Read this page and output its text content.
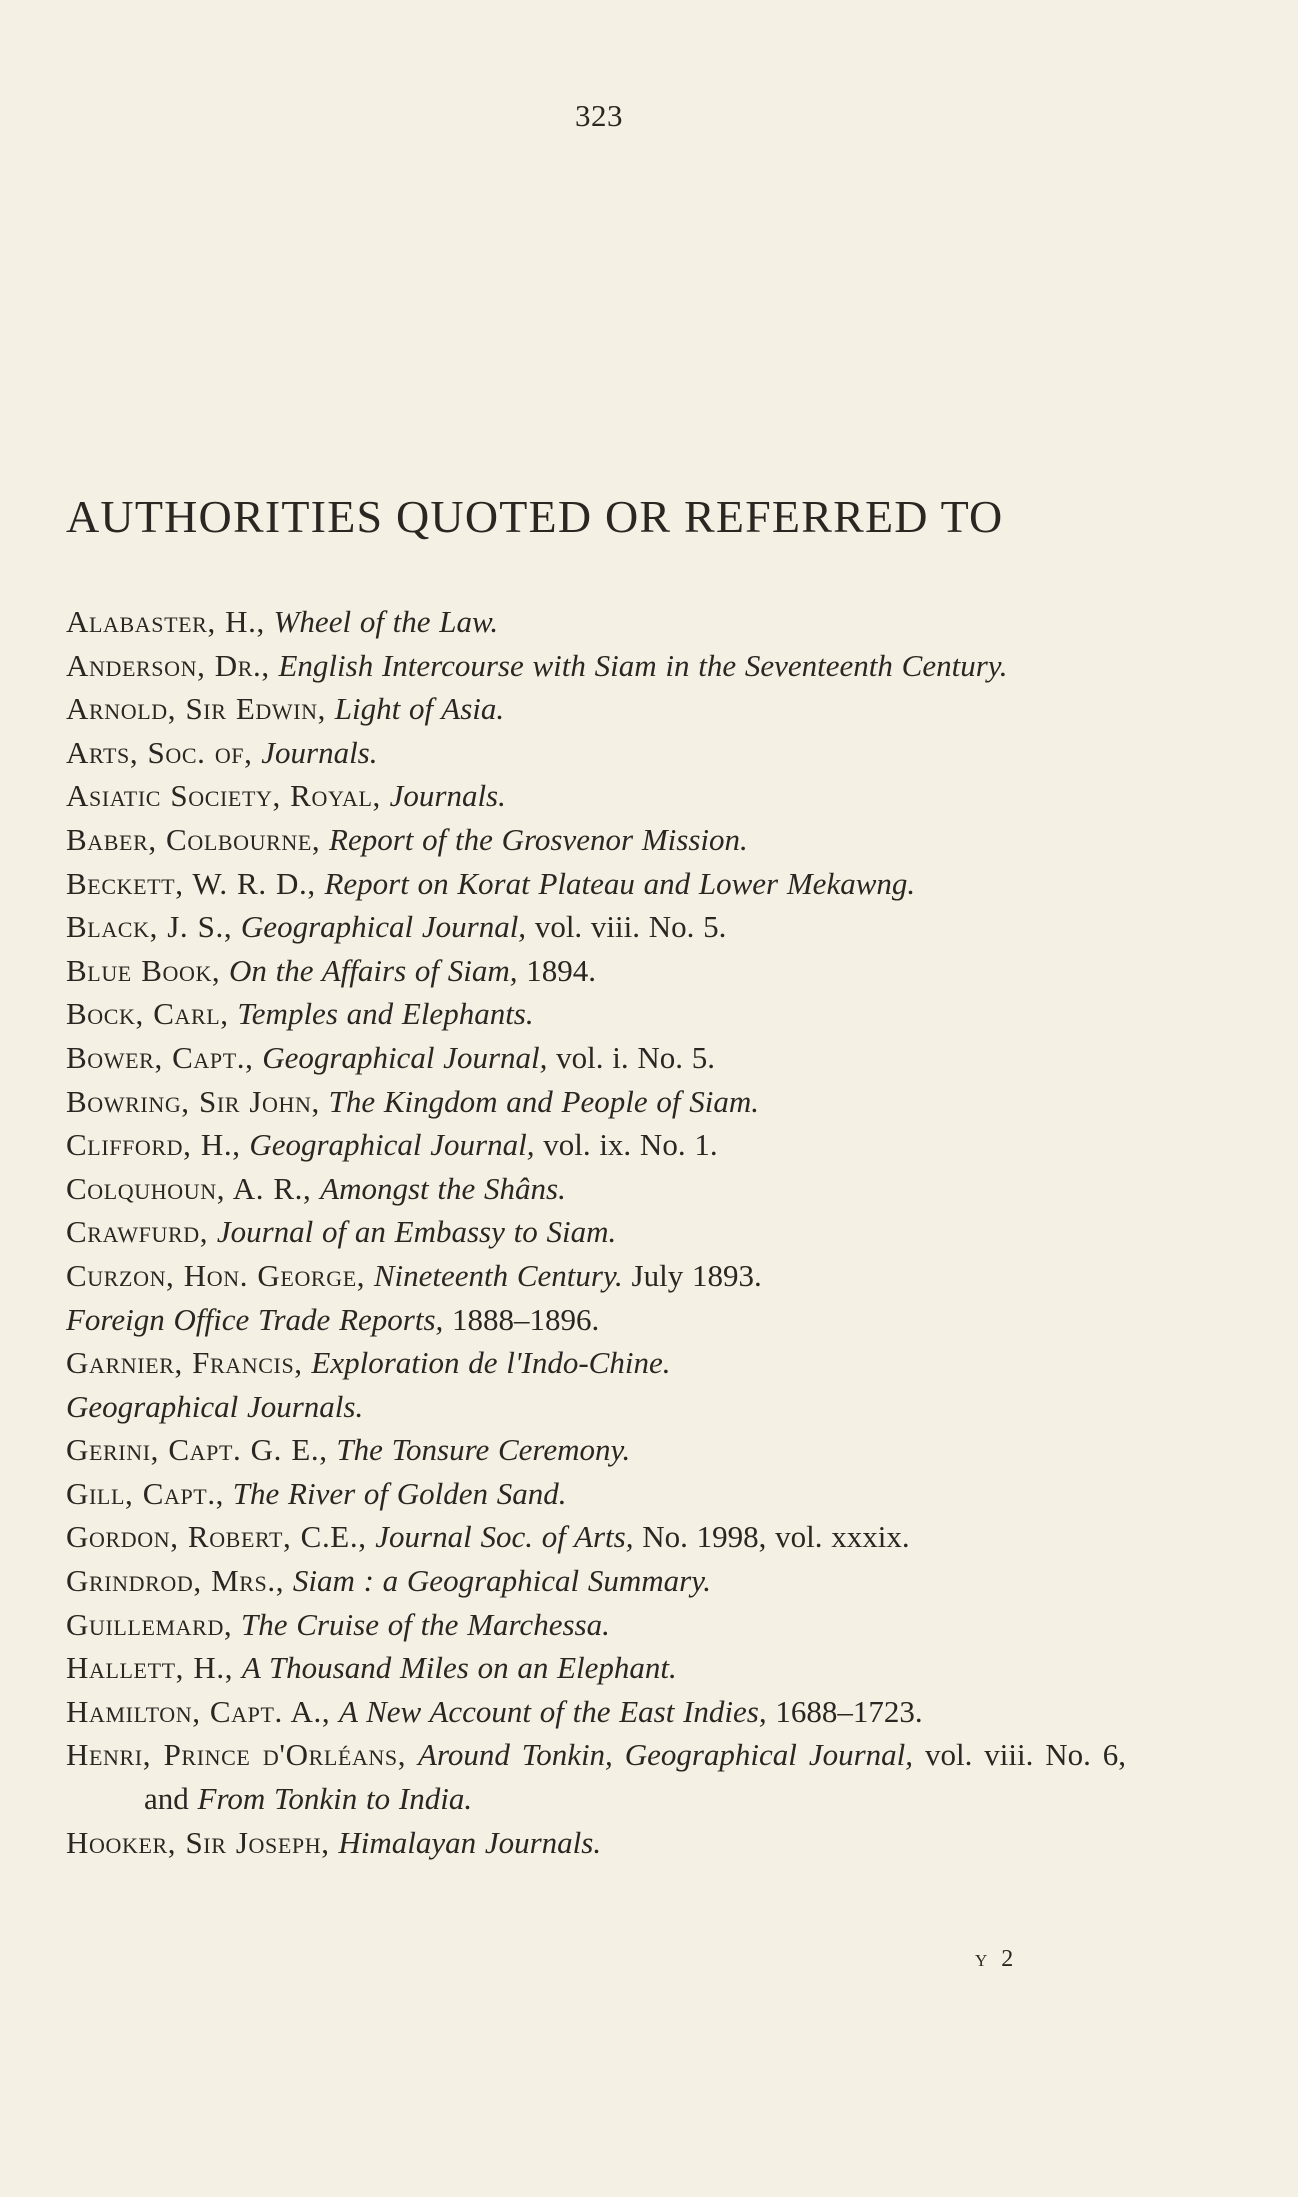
323
AUTHORITIES QUOTED OR REFERRED TO
Alabaster, H., Wheel of the Law.
Anderson, Dr., English Intercourse with Siam in the Seventeenth Century.
Arnold, Sir Edwin, Light of Asia.
Arts, Soc. of, Journals.
Asiatic Society, Royal, Journals.
Baber, Colbourne, Report of the Grosvenor Mission.
Beckett, W. R. D., Report on Korat Plateau and Lower Mekawng.
Black, J. S., Geographical Journal, vol. viii. No. 5.
Blue Book, On the Affairs of Siam, 1894.
Bock, Carl, Temples and Elephants.
Bower, Capt., Geographical Journal, vol. i. No. 5.
Bowring, Sir John, The Kingdom and People of Siam.
Clifford, H., Geographical Journal, vol. ix. No. 1.
Colquhoun, A. R., Amongst the Shâns.
Crawfurd, Journal of an Embassy to Siam.
Curzon, Hon. George, Nineteenth Century. July 1893.
Foreign Office Trade Reports, 1888–1896.
Garnier, Francis, Exploration de l'Indo-Chine.
Geographical Journals.
Gerini, Capt. G. E., The Tonsure Ceremony.
Gill, Capt., The River of Golden Sand.
Gordon, Robert, C.E., Journal Soc. of Arts, No. 1998, vol. xxxix.
Grindrod, Mrs., Siam : a Geographical Summary.
Guillemard, The Cruise of the Marchessa.
Hallett, H., A Thousand Miles on an Elephant.
Hamilton, Capt. A., A New Account of the East Indies, 1688–1723.
Henri, Prince d'Orléans, Around Tonkin, Geographical Journal, vol. viii. No. 6, and From Tonkin to India.
Hooker, Sir Joseph, Himalayan Journals.
y 2
